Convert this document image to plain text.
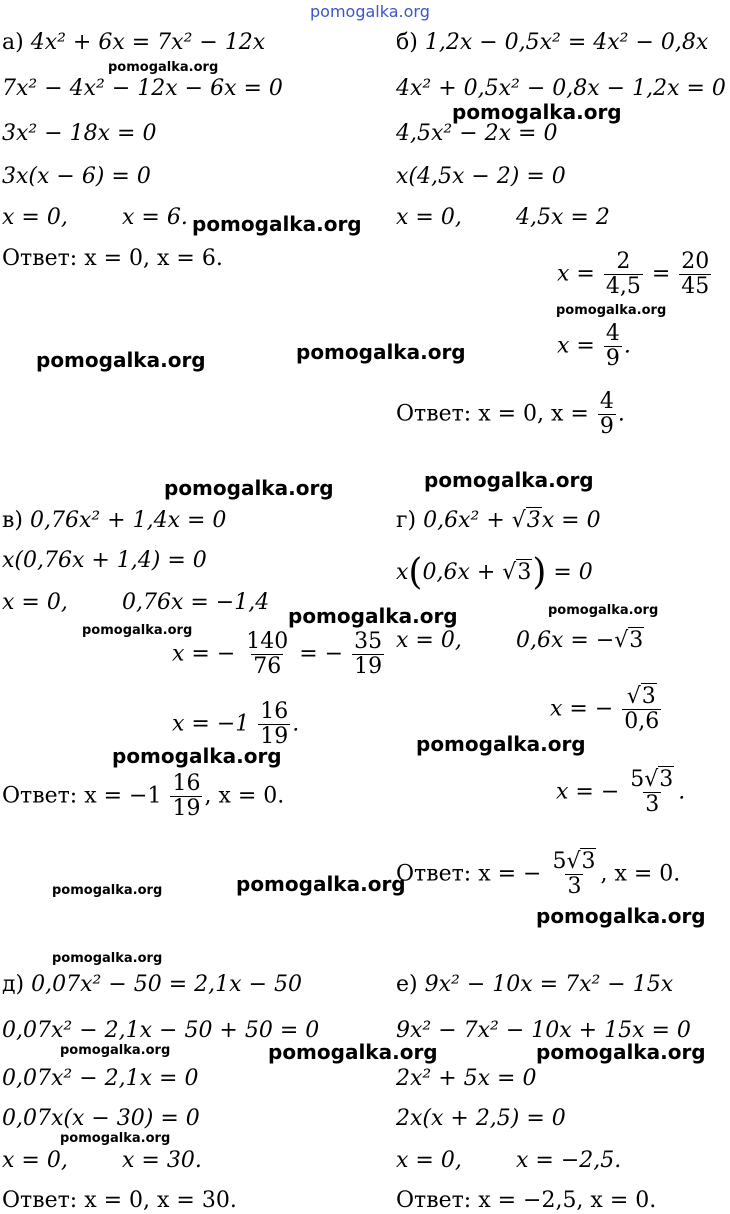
pomogalka.org
а) 4x² + 6x = 7x² − 12x
7x² − 4x² − 12x − 6x = 0
3x² − 18x = 0
3x(x − 6) = 0
x = 0, x = 6.
Ответ: x = 0, x = 6.
б) 1,2x − 0,5x² = 4x² − 0,8x
4x² + 0,5x² − 0,8x − 1,2x = 0
4,5x² − 2x = 0
x(4,5x − 2) = 0
x = 0, 4,5x = 2
$x = \frac{2}{4,5} = \frac{20}{45}$
$x = \frac{4}{9}$ .
Ответ: x = 0, $x = \frac{4}{9}$ .
в) 0,76x² + 1,4x = 0
x(0,76x + 1,4) = 0
x = 0, 0,76x = −1,4
x = − $\frac{140}{76}$ = − $\frac{35}{19}$
$x = -1 \frac{16}{19}$ .
Ответ: $x = -1 \frac{16}{19}$ , x = 0.
г) 0,6x² + √3x = 0
x(0,6x + √3) = 0
x = 0, 0,6x = −√3
x = − $\frac{√3}{0,6}$
x = − $\frac{5√3}{3}$ .
Ответ: x = − $\frac{5√3}{3}$ , x = 0.
д) 0,07x² − 50 = 2,1x − 50
0,07x² − 2,1x − 50 + 50 = 0
0,07x² − 2,1x = 0
0,07x(x − 30) = 0
x = 0, x = 30.
Ответ: x = 0, x = 30.
е) 9x² − 10x = 7x² − 15x
9x² − 7x² − 10x + 15x = 0
2x² + 5x = 0
2x(x + 2,5) = 0
x = 0, x = −2,5.
Ответ: x = −2,5, x = 0.
pomogalka.org
pomogalka.org
pomogalka.org
pomogalka.org
pomogalka.org	pomogalka.org
pomogalka.org
pomogalka.org
pomogalka.org	pomogalka.org
pomogalka.org
pomogalka.org
pomogalka.org
pomogalka.org	pomogalka.org
pomogalka.org
pomogalka.org
pomogalka.org	pomogalka.org	pomogalka.org
pomogalka.org
